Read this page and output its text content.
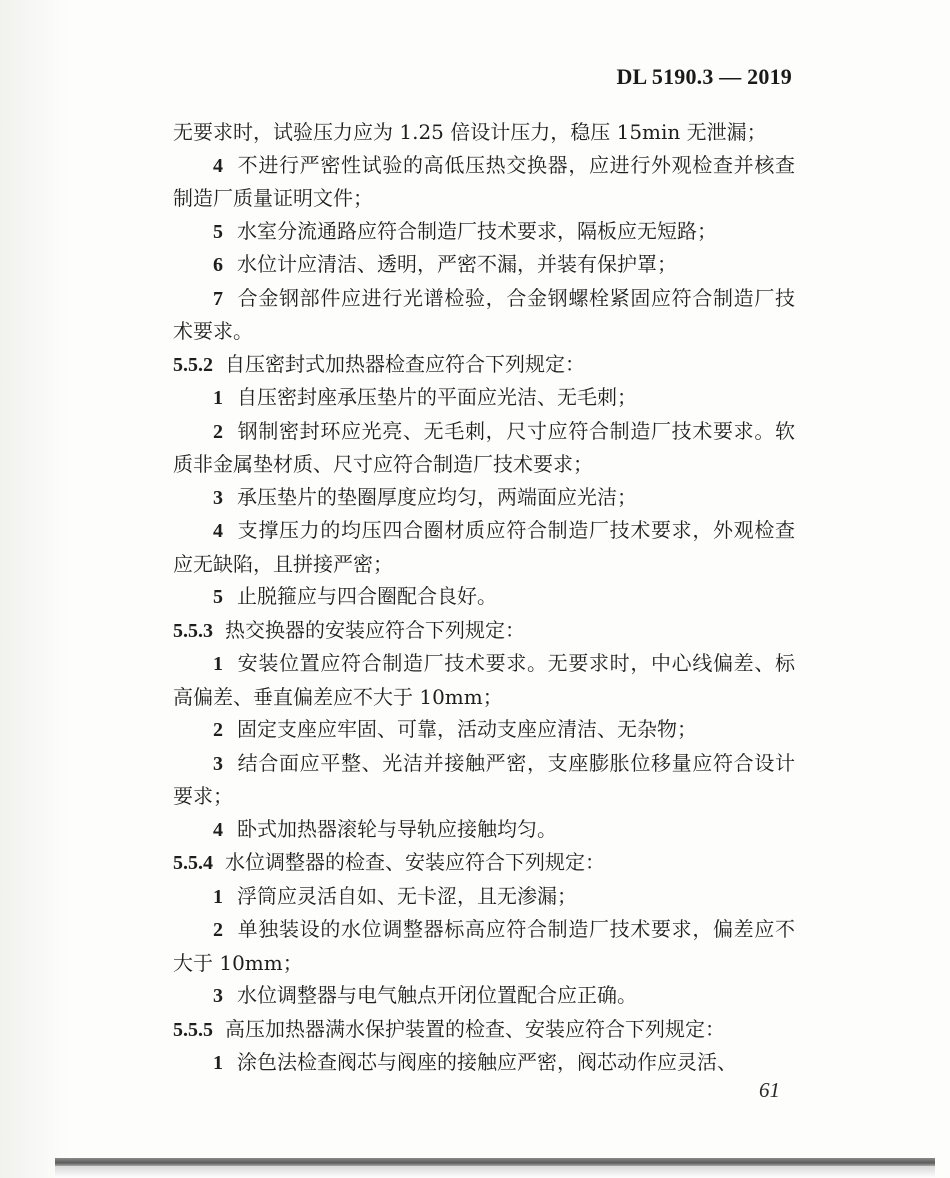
DL 5190.3 — 2019

无要求时，试验压力应为 1.25 倍设计压力，稳压 15min 无泄漏；

4 不进行严密性试验的高低压热交换器，应进行外观检查并核查制造厂质量证明文件；

5 水室分流通路应符合制造厂技术要求，隔板应无短路；

6 水位计应清洁、透明，严密不漏，并装有保护罩；

7 合金钢部件应进行光谱检验，合金钢螺栓紧固应符合制造厂技术要求。

5.5.2 自压密封式加热器检查应符合下列规定：

1 自压密封座承压垫片的平面应光洁、无毛刺；

2 钢制密封环应光亮、无毛刺，尺寸应符合制造厂技术要求。软质非金属垫材质、尺寸应符合制造厂技术要求；

3 承压垫片的垫圈厚度应均匀，两端面应光洁；

4 支撑压力的均压四合圈材质应符合制造厂技术要求，外观检查应无缺陷，且拼接严密；

5 止脱箍应与四合圈配合良好。

5.5.3 热交换器的安装应符合下列规定：

1 安装位置应符合制造厂技术要求。无要求时，中心线偏差、标高偏差、垂直偏差应不大于 10mm；

2 固定支座应牢固、可靠，活动支座应清洁、无杂物；

3 结合面应平整、光洁并接触严密，支座膨胀位移量应符合设计要求；

4 卧式加热器滚轮与导轨应接触均匀。

5.5.4 水位调整器的检查、安装应符合下列规定：

1 浮筒应灵活自如、无卡涩，且无渗漏；

2 单独装设的水位调整器标高应符合制造厂技术要求，偏差应不大于 10mm；

3 水位调整器与电气触点开闭位置配合应正确。

5.5.5 高压加热器满水保护装置的检查、安装应符合下列规定：

1 涂色法检查阀芯与阀座的接触应严密，阀芯动作应灵活、

61
